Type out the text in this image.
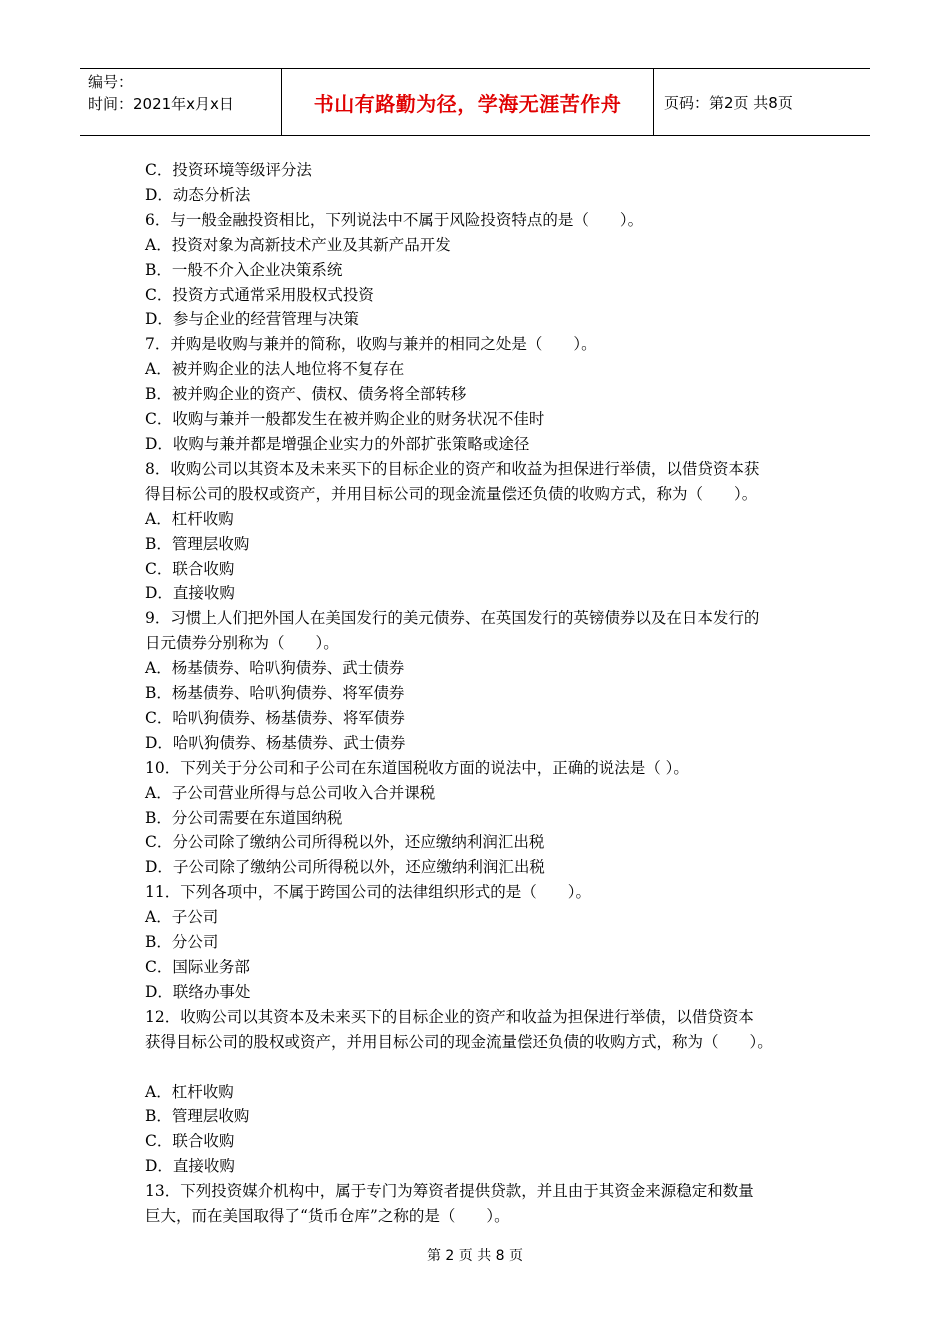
编号：
时间：2021年x月x日	书山有路勤为径，学海无涯苦作舟	页码：第2页 共8页
C．投资环境等级评分法
D．动态分析法
6．与一般金融投资相比，下列说法中不属于风险投资特点的是（　　）。
A．投资对象为高新技术产业及其新产品开发
B．一般不介入企业决策系统
C．投资方式通常采用股权式投资
D．参与企业的经营管理与决策
7．并购是收购与兼并的简称，收购与兼并的相同之处是（　　）。
A．被并购企业的法人地位将不复存在
B．被并购企业的资产、债权、债务将全部转移
C．收购与兼并一般都发生在被并购企业的财务状况不佳时
D．收购与兼并都是增强企业实力的外部扩张策略或途径
8．收购公司以其资本及未来买下的目标企业的资产和收益为担保进行举债，以借贷资本获
得目标公司的股权或资产，并用目标公司的现金流量偿还负债的收购方式，称为（　　）。
A．杠杆收购
B．管理层收购
C．联合收购
D．直接收购
9．习惯上人们把外国人在美国发行的美元债券、在英国发行的英镑债券以及在日本发行的
日元债券分别称为（　　）。
A．杨基债券、哈叭狗债券、武士债券
B．杨基债券、哈叭狗债券、将军债券
C．哈叭狗债券、杨基债券、将军债券
D．哈叭狗债券、杨基债券、武士债券
10．下列关于分公司和子公司在东道国税收方面的说法中，正确的说法是（ ）。
A．子公司营业所得与总公司收入合并课税
B．分公司需要在东道国纳税
C．分公司除了缴纳公司所得税以外，还应缴纳利润汇出税
D．子公司除了缴纳公司所得税以外，还应缴纳利润汇出税
11．下列各项中，不属于跨国公司的法律组织形式的是（　　）。
A．子公司
B．分公司
C．国际业务部
D．联络办事处
12．收购公司以其资本及未来买下的目标企业的资产和收益为担保进行举债，以借贷资本
获得目标公司的股权或资产，并用目标公司的现金流量偿还负债的收购方式，称为（　　）。
A．杠杆收购
B．管理层收购
C．联合收购
D．直接收购
13．下列投资媒介机构中，属于专门为筹资者提供贷款，并且由于其资金来源稳定和数量
巨大，而在美国取得了“货币仓库”之称的是（　　）。
第 2 页 共 8 页
